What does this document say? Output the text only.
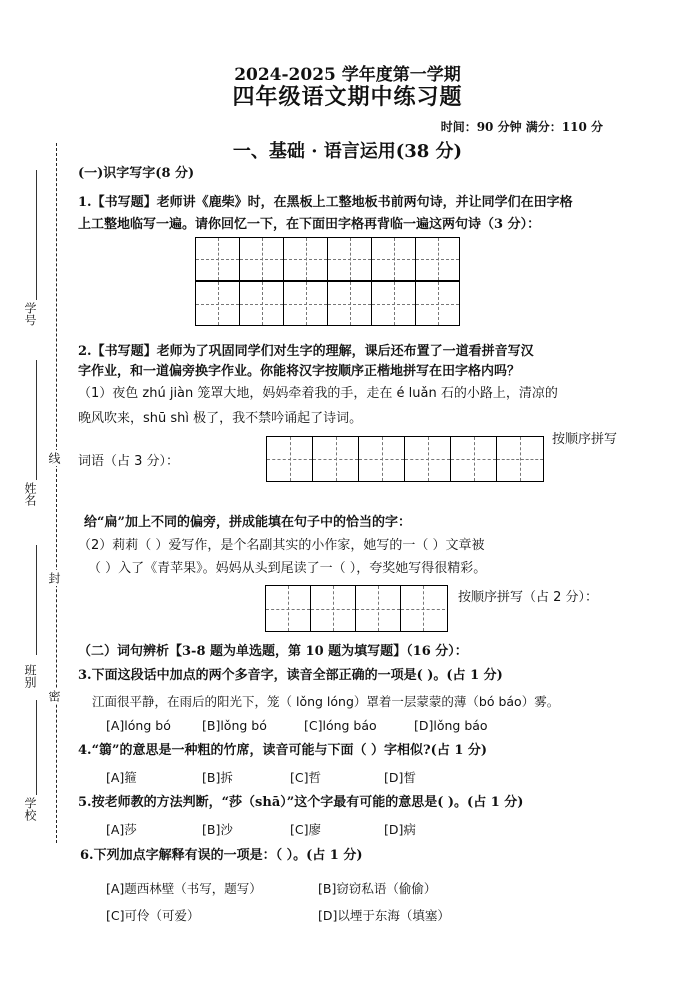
学号
姓名
班别
学校
线
封
密
2024-2025 学年度第一学期
四年级语文期中练习题
时间：90 分钟 满分：110 分
一、基础 · 语言运用(38 分)
(一)识字写字(8 分)
1.【书写题】老师讲《鹿柴》时，在黑板上工整地板书前两句诗，并让同学们在田字格
上工整地临写一遍。请你回忆一下，在下面田字格再背临一遍这两句诗（3 分）：
2.【书写题】老师为了巩固同学们对生字的理解，课后还布置了一道看拼音写汉
字作业，和一道偏旁换字作业。你能将汉字按顺序正楷地拼写在田字格内吗？
（1）夜色 zhú jiàn 笼罩大地，妈妈牵着我的手，走在 é luǎn 石的小路上，清凉的
晚风吹来，shū shì 极了，我不禁吟诵起了诗词。
按顺序拼写
词语（占 3 分）：
给“扁”加上不同的偏旁，拼成能填在句子中的恰当的字：
（2）莉莉（ ）爱写作，是个名副其实的小作家，她写的一（ ）文章被
（ ）入了《青苹果》。妈妈从头到尾读了一（ ），夸奖她写得很精彩。
按顺序拼写（占 2 分）：
（二）词句辨析【3-8 题为单选题，第 10 题为填写题】（16 分）：
3.下面这段话中加点的两个多音字，读音全部正确的一项是( )。(占 1 分)
江面很平静，在雨后的阳光下，笼（ lǒng lóng）罩着一层蒙蒙的薄（bó báo）雾。
[A]lóng bó [B]lǒng bó	[C]lóng báo	[D]lǒng báo
4.“篛”的意思是一种粗的竹席，读音可能与下面（ ）字相似?(占 1 分)
[A]箍	[B]拆	[C]哲	[D]皙
5.按老师教的方法判断，“莎（shā）”这个字最有可能的意思是( )。(占 1 分)
[A]莎	[B]沙	[C]廖	[D]病
6.下列加点字解释有误的一项是：（ ）。(占 1 分)
[A]题西林壁（书写，题写）	[B]窃窃私语（偷偷）
[C]可伶（可爱）	[D]以堙于东海（填塞）
